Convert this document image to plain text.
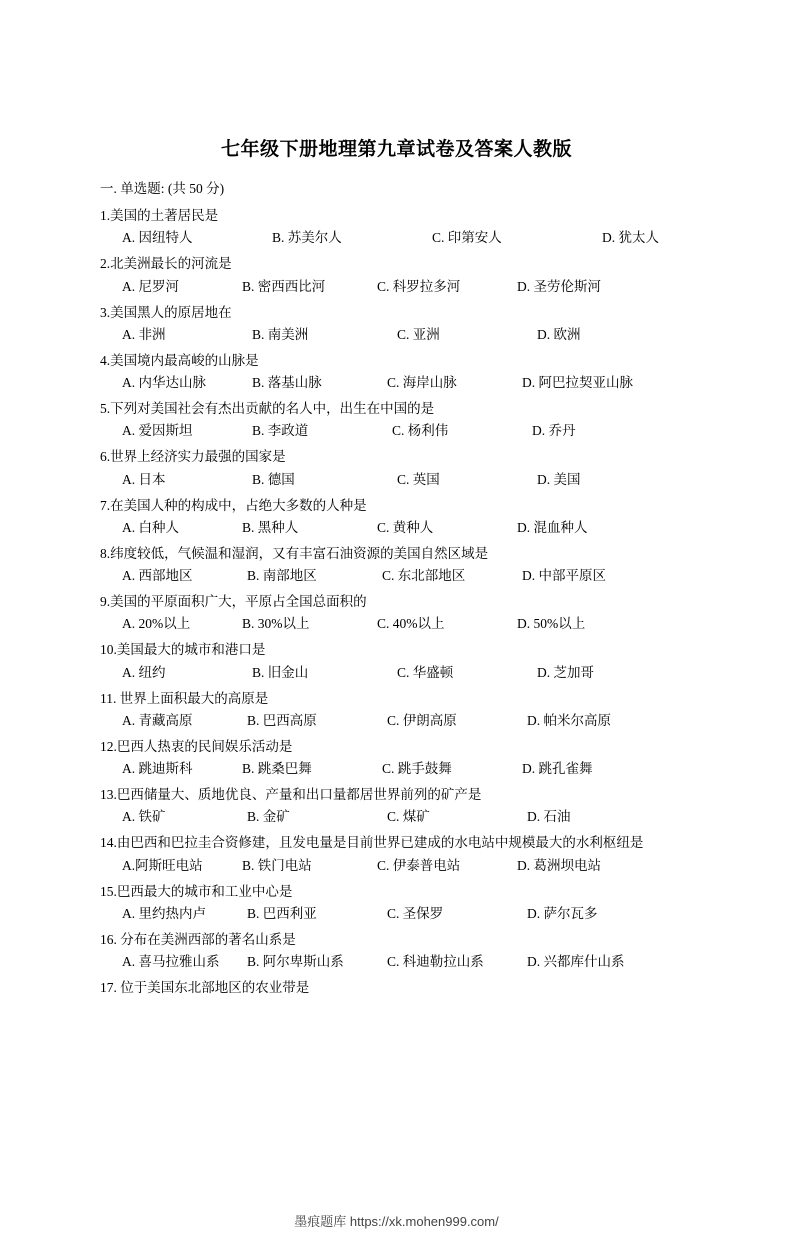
七年级下册地理第九章试卷及答案人教版
一. 单选题: (共 50 分)
1.美国的土著居民是
A. 因纽特人	B. 苏美尔人	C. 印第安人	D. 犹太人
2.北美洲最长的河流是
A. 尼罗河	B. 密西西比河	C. 科罗拉多河	D. 圣劳伦斯河
3.美国黑人的原居地在
A. 非洲	B. 南美洲	C. 亚洲	D. 欧洲
4.美国境内最高峻的山脉是
A. 内华达山脉	B. 落基山脉	C. 海岸山脉	D. 阿巴拉契亚山脉
5.下列对美国社会有杰出贡献的名人中，出生在中国的是
A. 爱因斯坦	B. 李政道	C. 杨利伟	D. 乔丹
6.世界上经济实力最强的国家是
A. 日本	B. 德国	C. 英国	D. 美国
7.在美国人种的构成中，占绝大多数的人种是
A. 白种人	B. 黑种人	C. 黄种人	D. 混血种人
8.纬度较低，气候温和湿润，又有丰富石油资源的美国自然区域是
A. 西部地区	B. 南部地区	C. 东北部地区	D. 中部平原区
9.美国的平原面积广大，平原占全国总面积的
A. 20%以上	B. 30%以上	C. 40%以上	D. 50%以上
10.美国最大的城市和港口是
A. 纽约	B. 旧金山	C. 华盛顿	D. 芝加哥
11. 世界上面积最大的高原是
A. 青藏高原	B. 巴西高原	C. 伊朗高原	D. 帕米尔高原
12.巴西人热衷的民间娱乐活动是
A. 跳迪斯科	B. 跳桑巴舞	C. 跳手鼓舞	D. 跳孔雀舞
13.巴西储量大、质地优良、产量和出口量都居世界前列的矿产是
A. 铁矿	B. 金矿	C. 煤矿	D. 石油
14.由巴西和巴拉圭合资修建，且发电量是目前世界已建成的水电站中规模最大的水利枢纽是
A.阿斯旺电站	B. 铁门电站	C. 伊泰普电站	D. 葛洲坝电站
15.巴西最大的城市和工业中心是
A. 里约热内卢	B. 巴西利亚	C. 圣保罗	D. 萨尔瓦多
16. 分布在美洲西部的著名山系是
A. 喜马拉雅山系 B. 阿尔卑斯山系	C. 科迪勒拉山系	D. 兴都库什山系
17. 位于美国东北部地区的农业带是
墨痕题库 https://xk.mohen999.com/
